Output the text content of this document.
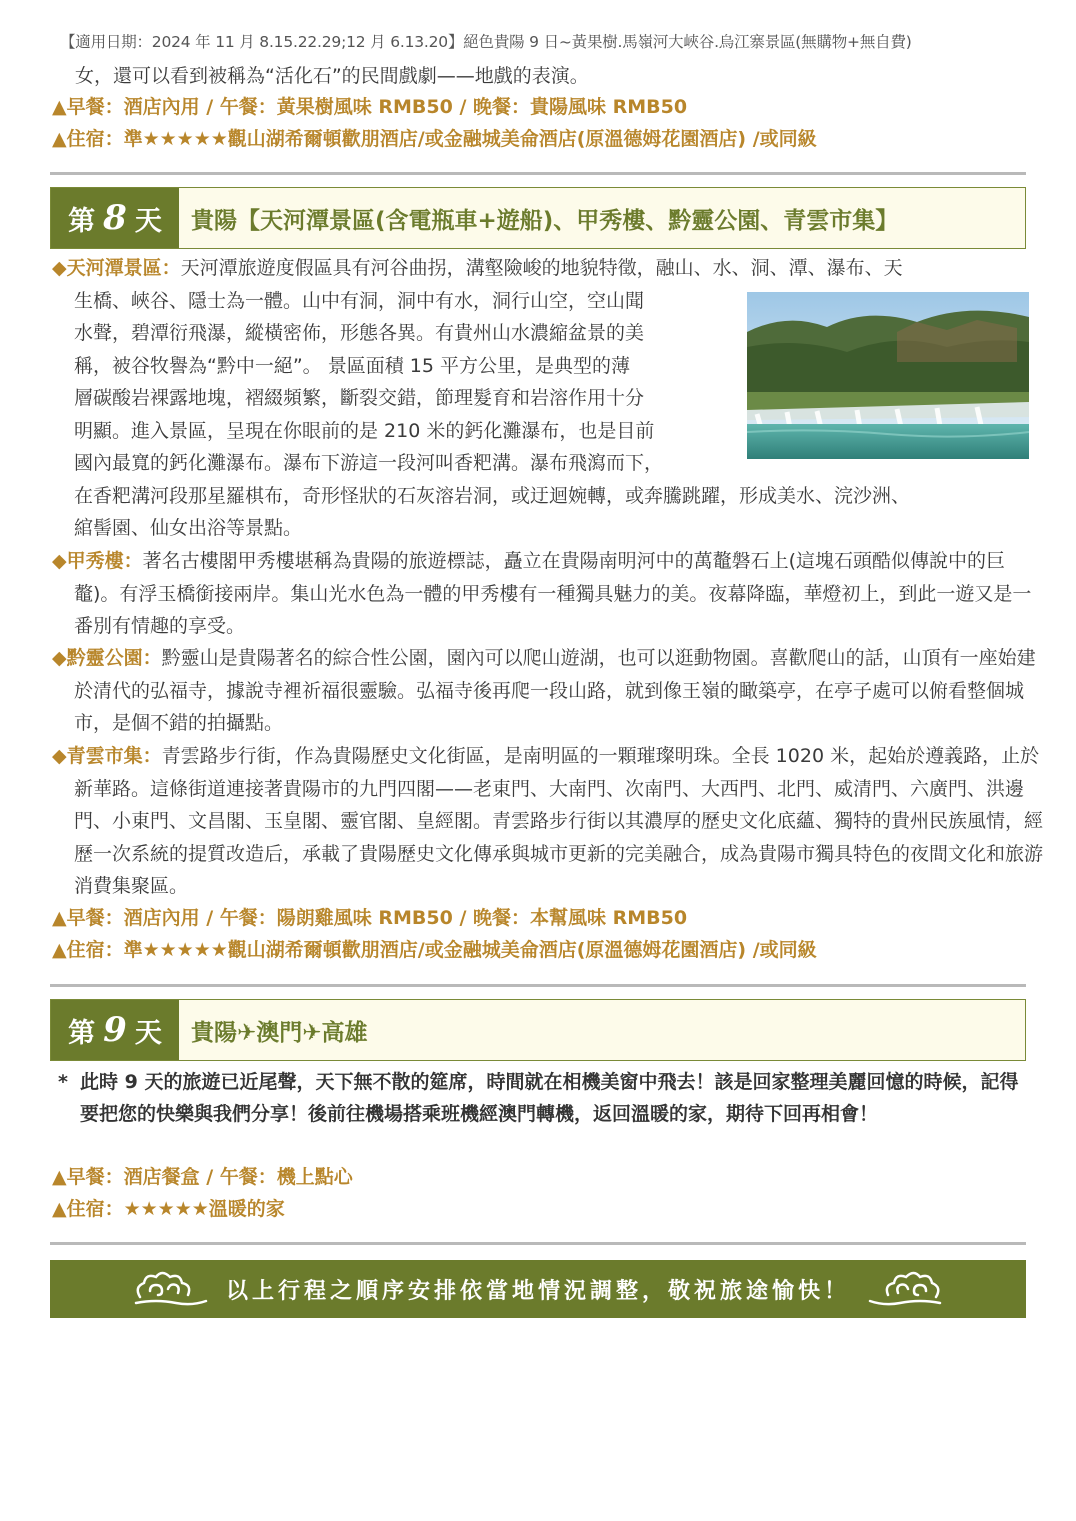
【適用日期：2024 年 11 月 8.15.22.29;12 月 6.13.20】絕色貴陽 9 日~黃果樹.馬嶺河大峽谷.烏江寨景區(無購物+無自費)
女，還可以看到被稱為“活化石”的民間戲劇——地戲的表演。
▲早餐：酒店內用 / 午餐：黃果樹風味 RMB50 / 晚餐：貴陽風味 RMB50
▲住宿：準★★★★★觀山湖希爾頓歡朋酒店/或金融城美侖酒店(原溫德姆花園酒店) /或同級
第 8 天 貴陽【天河潭景區(含電瓶車+遊船)、甲秀樓、黔靈公園、青雲市集】
◆天河潭景區：天河潭旅遊度假區具有河谷曲拐，溝壑險峻的地貌特徵，融山、水、洞、潭、瀑布、天
生橋、峽谷、隱士為一體。山中有洞，洞中有水，洞行山空，空山聞
水聲，碧潭衍飛瀑，縱橫密佈，形態各異。有貴州山水濃縮盆景的美
稱，被谷牧譽為“黔中一絕”。 景區面積 15 平方公里，是典型的薄
層碳酸岩裸露地塊，褶綴頻繁，斷裂交錯，節理髮育和岩溶作用十分
明顯。進入景區，呈現在你眼前的是 210 米的鈣化灘瀑布，也是目前
國內最寬的鈣化灘瀑布。瀑布下游這一段河叫香粑溝。瀑布飛瀉而下，
在香粑溝河段那星羅棋布，奇形怪狀的石灰溶岩洞，或迂迴婉轉，或奔騰跳躍，形成美水、浣沙洲、
綰髻園、仙女出浴等景點。
◆甲秀樓：著名古樓閣甲秀樓堪稱為貴陽的旅遊標誌，矗立在貴陽南明河中的萬鼇磐石上(這塊石頭酷似傳說中的巨鼇)。有浮玉橋銜接兩岸。集山光水色為一體的甲秀樓有一種獨具魅力的美。夜幕降臨，華燈初上，到此一遊又是一番別有情趣的享受。
◆黔靈公園：黔靈山是貴陽著名的綜合性公園，園內可以爬山遊湖，也可以逛動物園。喜歡爬山的話，山頂有一座始建於清代的弘福寺，據說寺裡祈福很靈驗。弘福寺後再爬一段山路，就到像王嶺的瞰築亭，在亭子處可以俯看整個城市，是個不錯的拍攝點。
◆青雲市集：青雲路步行街，作為貴陽歷史文化街區，是南明區的一顆璀璨明珠。全長 1020 米，起始於遵義路，止於新華路。這條街道連接著貴陽市的九門四閣——老東門、大南門、次南門、大西門、北門、威清門、六廣門、洪邊門、小東門、文昌閣、玉皇閣、靈官閣、皇經閣。青雲路步行街以其濃厚的歷史文化底蘊、獨特的貴州民族風情，經歷一次系統的提質改造后，承載了貴陽歷史文化傳承與城市更新的完美融合，成為貴陽市獨具特色的夜間文化和旅游消費集聚區。
▲早餐：酒店內用 / 午餐：陽朗雞風味 RMB50 / 晚餐：本幫風味 RMB50
▲住宿：準★★★★★觀山湖希爾頓歡朋酒店/或金融城美侖酒店(原溫德姆花園酒店) /或同級
第 9 天 貴陽✈澳門✈高雄
* 此時 9 天的旅遊已近尾聲，天下無不散的筵席，時間就在相機美窗中飛去！該是回家整理美麗回憶的時候，記得要把您的快樂與我們分享！後前往機場搭乘班機經澳門轉機，返回溫暖的家，期待下回再相會！
▲早餐：酒店餐盒 / 午餐：機上點心
▲住宿：★★★★★溫暖的家
以上行程之順序安排依當地情況調整，敬祝旅途愉快！
